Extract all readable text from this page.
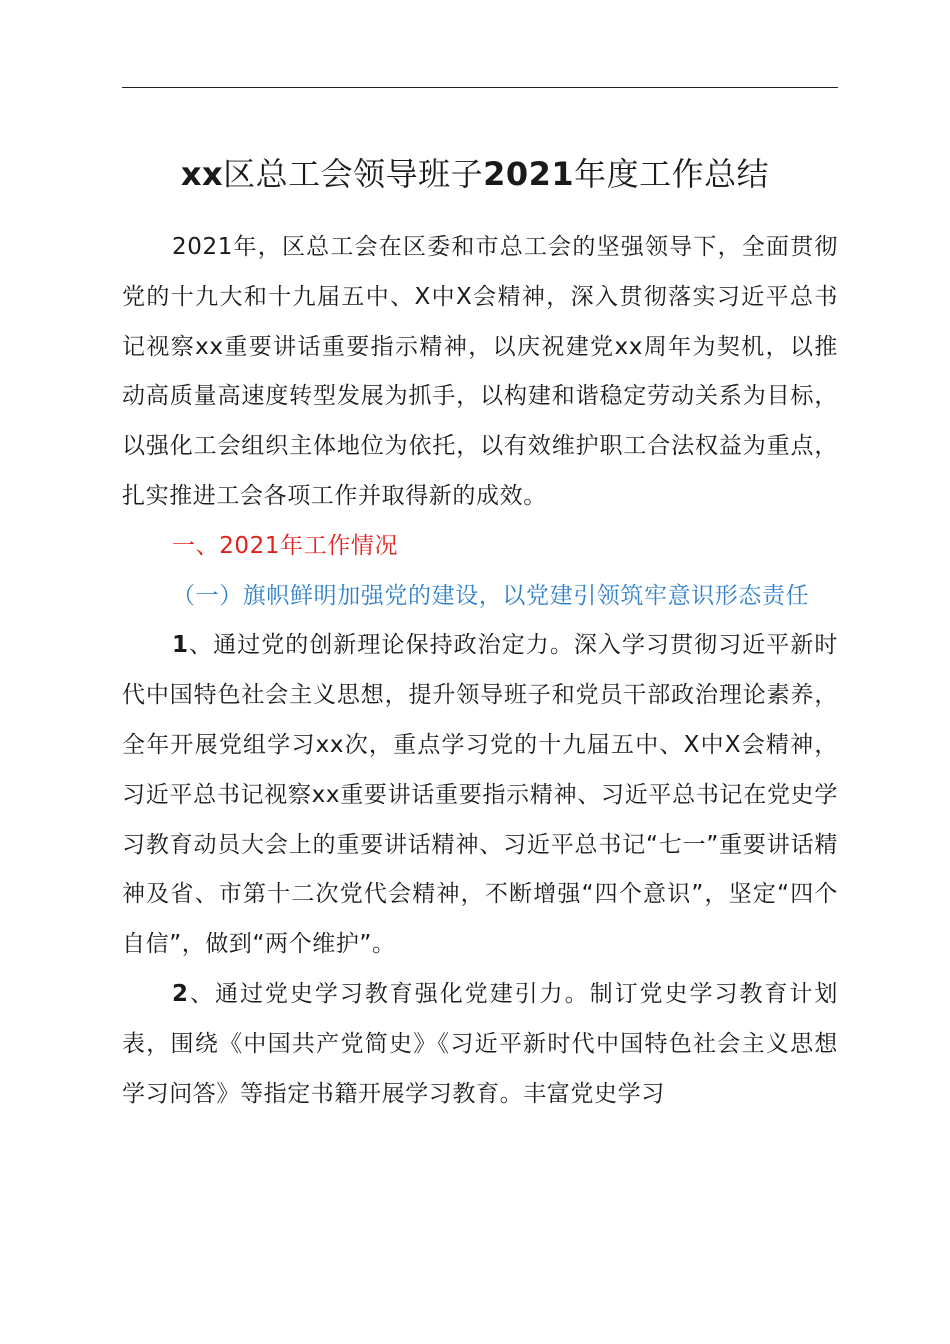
xx区总工会领导班子2021年度工作总结

2021年，区总工会在区委和市总工会的坚强领导下，全面贯彻党的十九大和十九届五中、X中X会精神，深入贯彻落实习近平总书记视察xx重要讲话重要指示精神，以庆祝建党xx周年为契机，以推动高质量高速度转型发展为抓手，以构建和谐稳定劳动关系为目标，以强化工会组织主体地位为依托，以有效维护职工合法权益为重点，扎实推进工会各项工作并取得新的成效。

一、2021年工作情况

（一）旗帜鲜明加强党的建设，以党建引领筑牢意识形态责任

1、通过党的创新理论保持政治定力。深入学习贯彻习近平新时代中国特色社会主义思想，提升领导班子和党员干部政治理论素养，全年开展党组学习xx次，重点学习党的十九届五中、X中X会精神，习近平总书记视察xx重要讲话重要指示精神、习近平总书记在党史学习教育动员大会上的重要讲话精神、习近平总书记“七一”重要讲话精神及省、市第十二次党代会精神，不断增强“四个意识”，坚定“四个自信”，做到“两个维护”。

2、通过党史学习教育强化党建引力。制订党史学习教育计划表，围绕《中国共产党简史》《习近平新时代中国特色社会主义思想学习问答》等指定书籍开展学习教育。丰富党史学习
